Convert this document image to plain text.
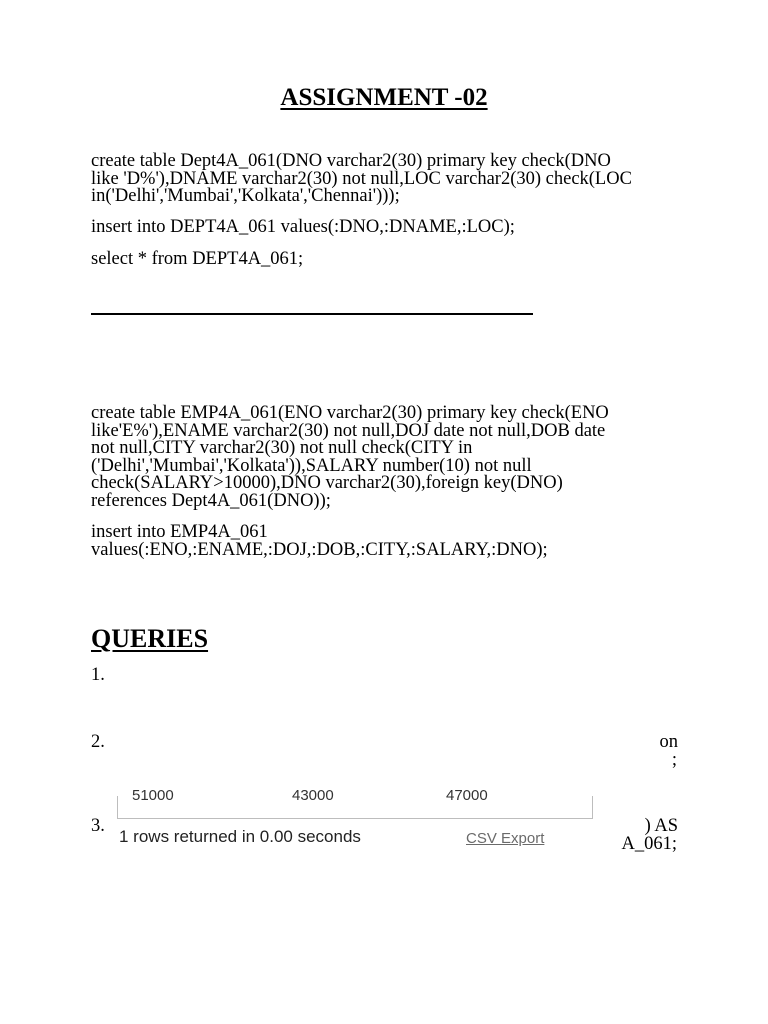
ASSIGNMENT -02
create table Dept4A_061(DNO varchar2(30) primary key check(DNO
like 'D%'),DNAME varchar2(30) not null,LOC varchar2(30) check(LOC
in('Delhi','Mumbai','Kolkata','Chennai')));
insert into DEPT4A_061 values(:DNO,:DNAME,:LOC);
select * from DEPT4A_061;
create table EMP4A_061(ENO varchar2(30) primary key check(ENO
like'E%'),ENAME varchar2(30) not null,DOJ date not null,DOB date
not null,CITY varchar2(30) not null check(CITY in
('Delhi','Mumbai','Kolkata')),SALARY number(10) not null
check(SALARY>10000),DNO varchar2(30),foreign key(DNO)
references Dept4A_061(DNO));
insert into EMP4A_061
values(:ENO,:ENAME,:DOJ,:DOB,:CITY,:SALARY,:DNO);
QUERIES
1.
2.	on
;
3.	) AS
A_061;
51000	43000	47000
1 rows returned in 0.00 seconds	CSV Export
